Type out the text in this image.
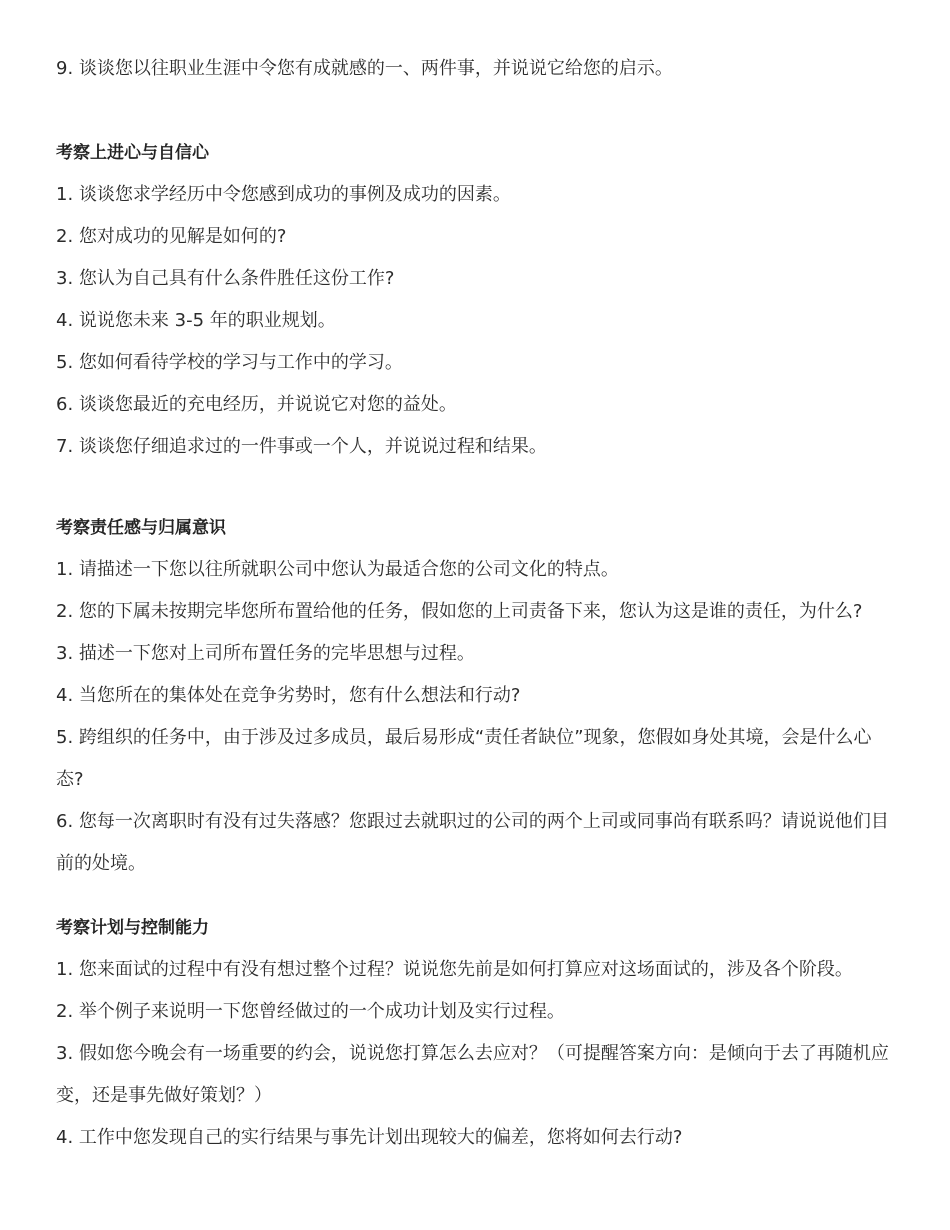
9. 谈谈您以往职业生涯中令您有成就感的一、两件事，并说说它给您的启示。
考察上进心与自信心
1. 谈谈您求学经历中令您感到成功的事例及成功的因素。
2. 您对成功的见解是如何的?
3. 您认为自己具有什么条件胜任这份工作?
4. 说说您未来 3-5 年的职业规划。
5. 您如何看待学校的学习与工作中的学习。
6. 谈谈您最近的充电经历，并说说它对您的益处。
7. 谈谈您仔细追求过的一件事或一个人，并说说过程和结果。
考察责任感与归属意识
1. 请描述一下您以往所就职公司中您认为最适合您的公司文化的特点。
2. 您的下属未按期完毕您所布置给他的任务，假如您的上司责备下来，您认为这是谁的责任，为什么?
3. 描述一下您对上司所布置任务的完毕思想与过程。
4. 当您所在的集体处在竞争劣势时，您有什么想法和行动?
5. 跨组织的任务中，由于涉及过多成员，最后易形成“责任者缺位”现象，您假如身处其境，会是什么心态?
6. 您每一次离职时有没有过失落感？您跟过去就职过的公司的两个上司或同事尚有联系吗？请说说他们目前的处境。
考察计划与控制能力
1. 您来面试的过程中有没有想过整个过程？说说您先前是如何打算应对这场面试的，涉及各个阶段。
2. 举个例子来说明一下您曾经做过的一个成功计划及实行过程。
3. 假如您今晚会有一场重要的约会，说说您打算怎么去应对？（可提醒答案方向：是倾向于去了再随机应变，还是事先做好策划？）
4. 工作中您发现自己的实行结果与事先计划出现较大的偏差，您将如何去行动?
